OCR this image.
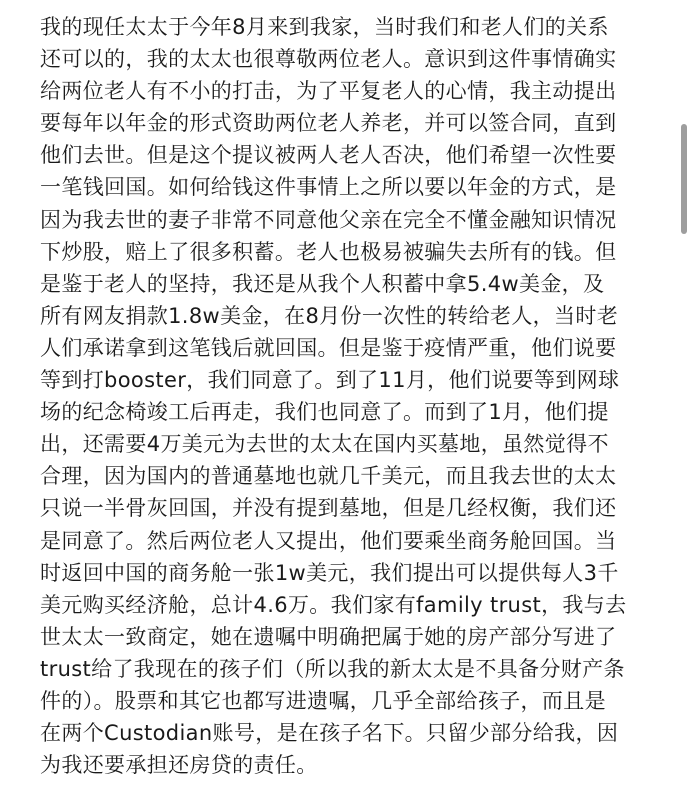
我的现任太太于今年8月来到我家，当时我们和老人们的关系
还可以的，我的太太也很尊敬两位老人。意识到这件事情确实
给两位老人有不小的打击，为了平复老人的心情，我主动提出
要每年以年金的形式资助两位老人养老，并可以签合同，直到
他们去世。但是这个提议被两人老人否决，他们希望一次性要
一笔钱回国。如何给钱这件事情上之所以要以年金的方式，是
因为我去世的妻子非常不同意他父亲在完全不懂金融知识情况
下炒股，赔上了很多积蓄。老人也极易被骗失去所有的钱。但
是鉴于老人的坚持，我还是从我个人积蓄中拿5.4w美金，及
所有网友捐款1.8w美金，在8月份一次性的转给老人，当时老
人们承诺拿到这笔钱后就回国。但是鉴于疫情严重，他们说要
等到打booster，我们同意了。到了11月，他们说要等到网球
场的纪念椅竣工后再走，我们也同意了。而到了1月，他们提
出，还需要4万美元为去世的太太在国内买墓地，虽然觉得不
合理，因为国内的普通墓地也就几千美元，而且我去世的太太
只说一半骨灰回国，并没有提到墓地，但是几经权衡，我们还
是同意了。然后两位老人又提出，他们要乘坐商务舱回国。当
时返回中国的商务舱一张1w美元，我们提出可以提供每人3千
美元购买经济舱，总计4.6万。我们家有family trust，我与去
世太太一致商定，她在遗嘱中明确把属于她的房产部分写进了
trust给了我现在的孩子们（所以我的新太太是不具备分财产条
件的）。股票和其它也都写进遗嘱，几乎全部给孩子，而且是
在两个Custodian账号，是在孩子名下。只留少部分给我，因
为我还要承担还房贷的责任。
